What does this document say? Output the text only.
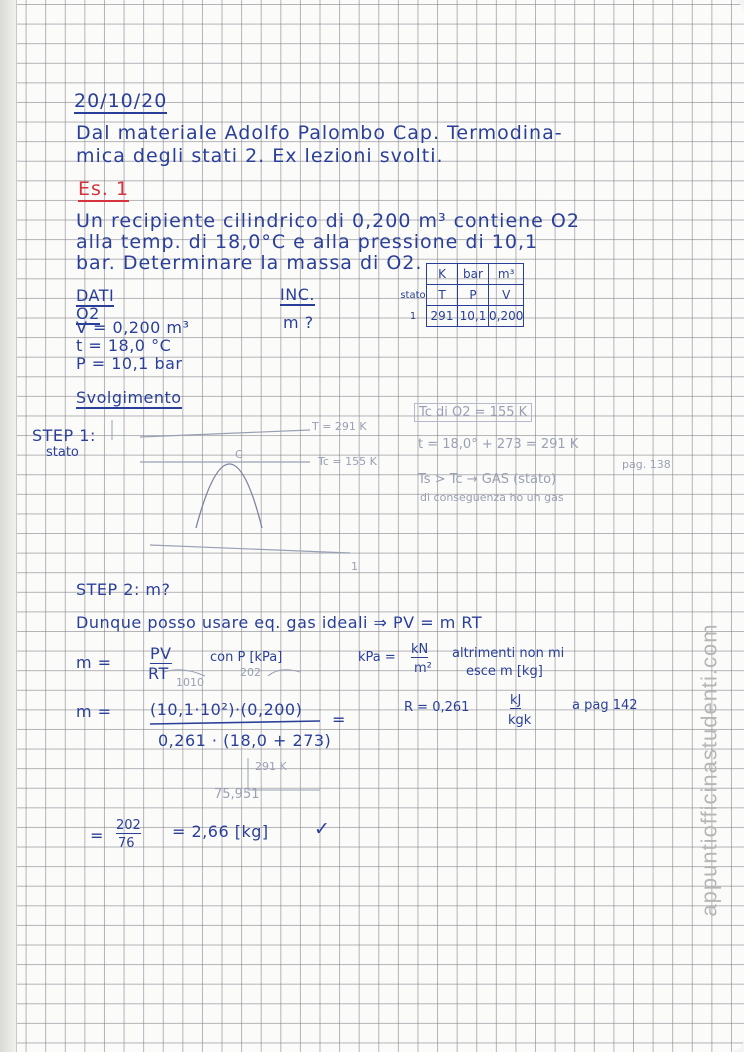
20/10/20
Dal materiale Adolfo Palombo Cap. Termodina-
mica degli stati 2. Ex lezioni svolti.
Es. 1
Un recipiente cilindrico di 0,200 m³ contiene O2
alla temp. di 18,0°C e alla pressione di 10,1
bar. Determinare la massa di O2.
	K	bar	m³
stato	T	P	V
1	291	10,1	0,200
DATI
O2
V = 0,200 m³
t = 18,0 °C
P = 10,1 bar
INC.
m ?
Svolgimento
STEP 1:
stato
T = 291 K
Tc = 155 K
C
1
Tc di O2 = 155 K
t = 18,0° + 273 = 291 K
pag. 138
Ts > Tc → GAS (stato)
di conseguenza ho un gas
STEP 2: m?
Dunque posso usare eq. gas ideali ⇒ PV = m RT
m = PV
RT
con P [kPa]	kPa =
kN
m²
altrimenti non mi
esce m [kg]
1010
202
m = (10,1·10²)·(0,200)
0,261 · (18,0 + 273)
=
R = 0,261	kJ
kgk
a pag 142
291 K
75,951
=
202
76
= 2,66 [kg] ✓	appuntiofficinastudenti.com
